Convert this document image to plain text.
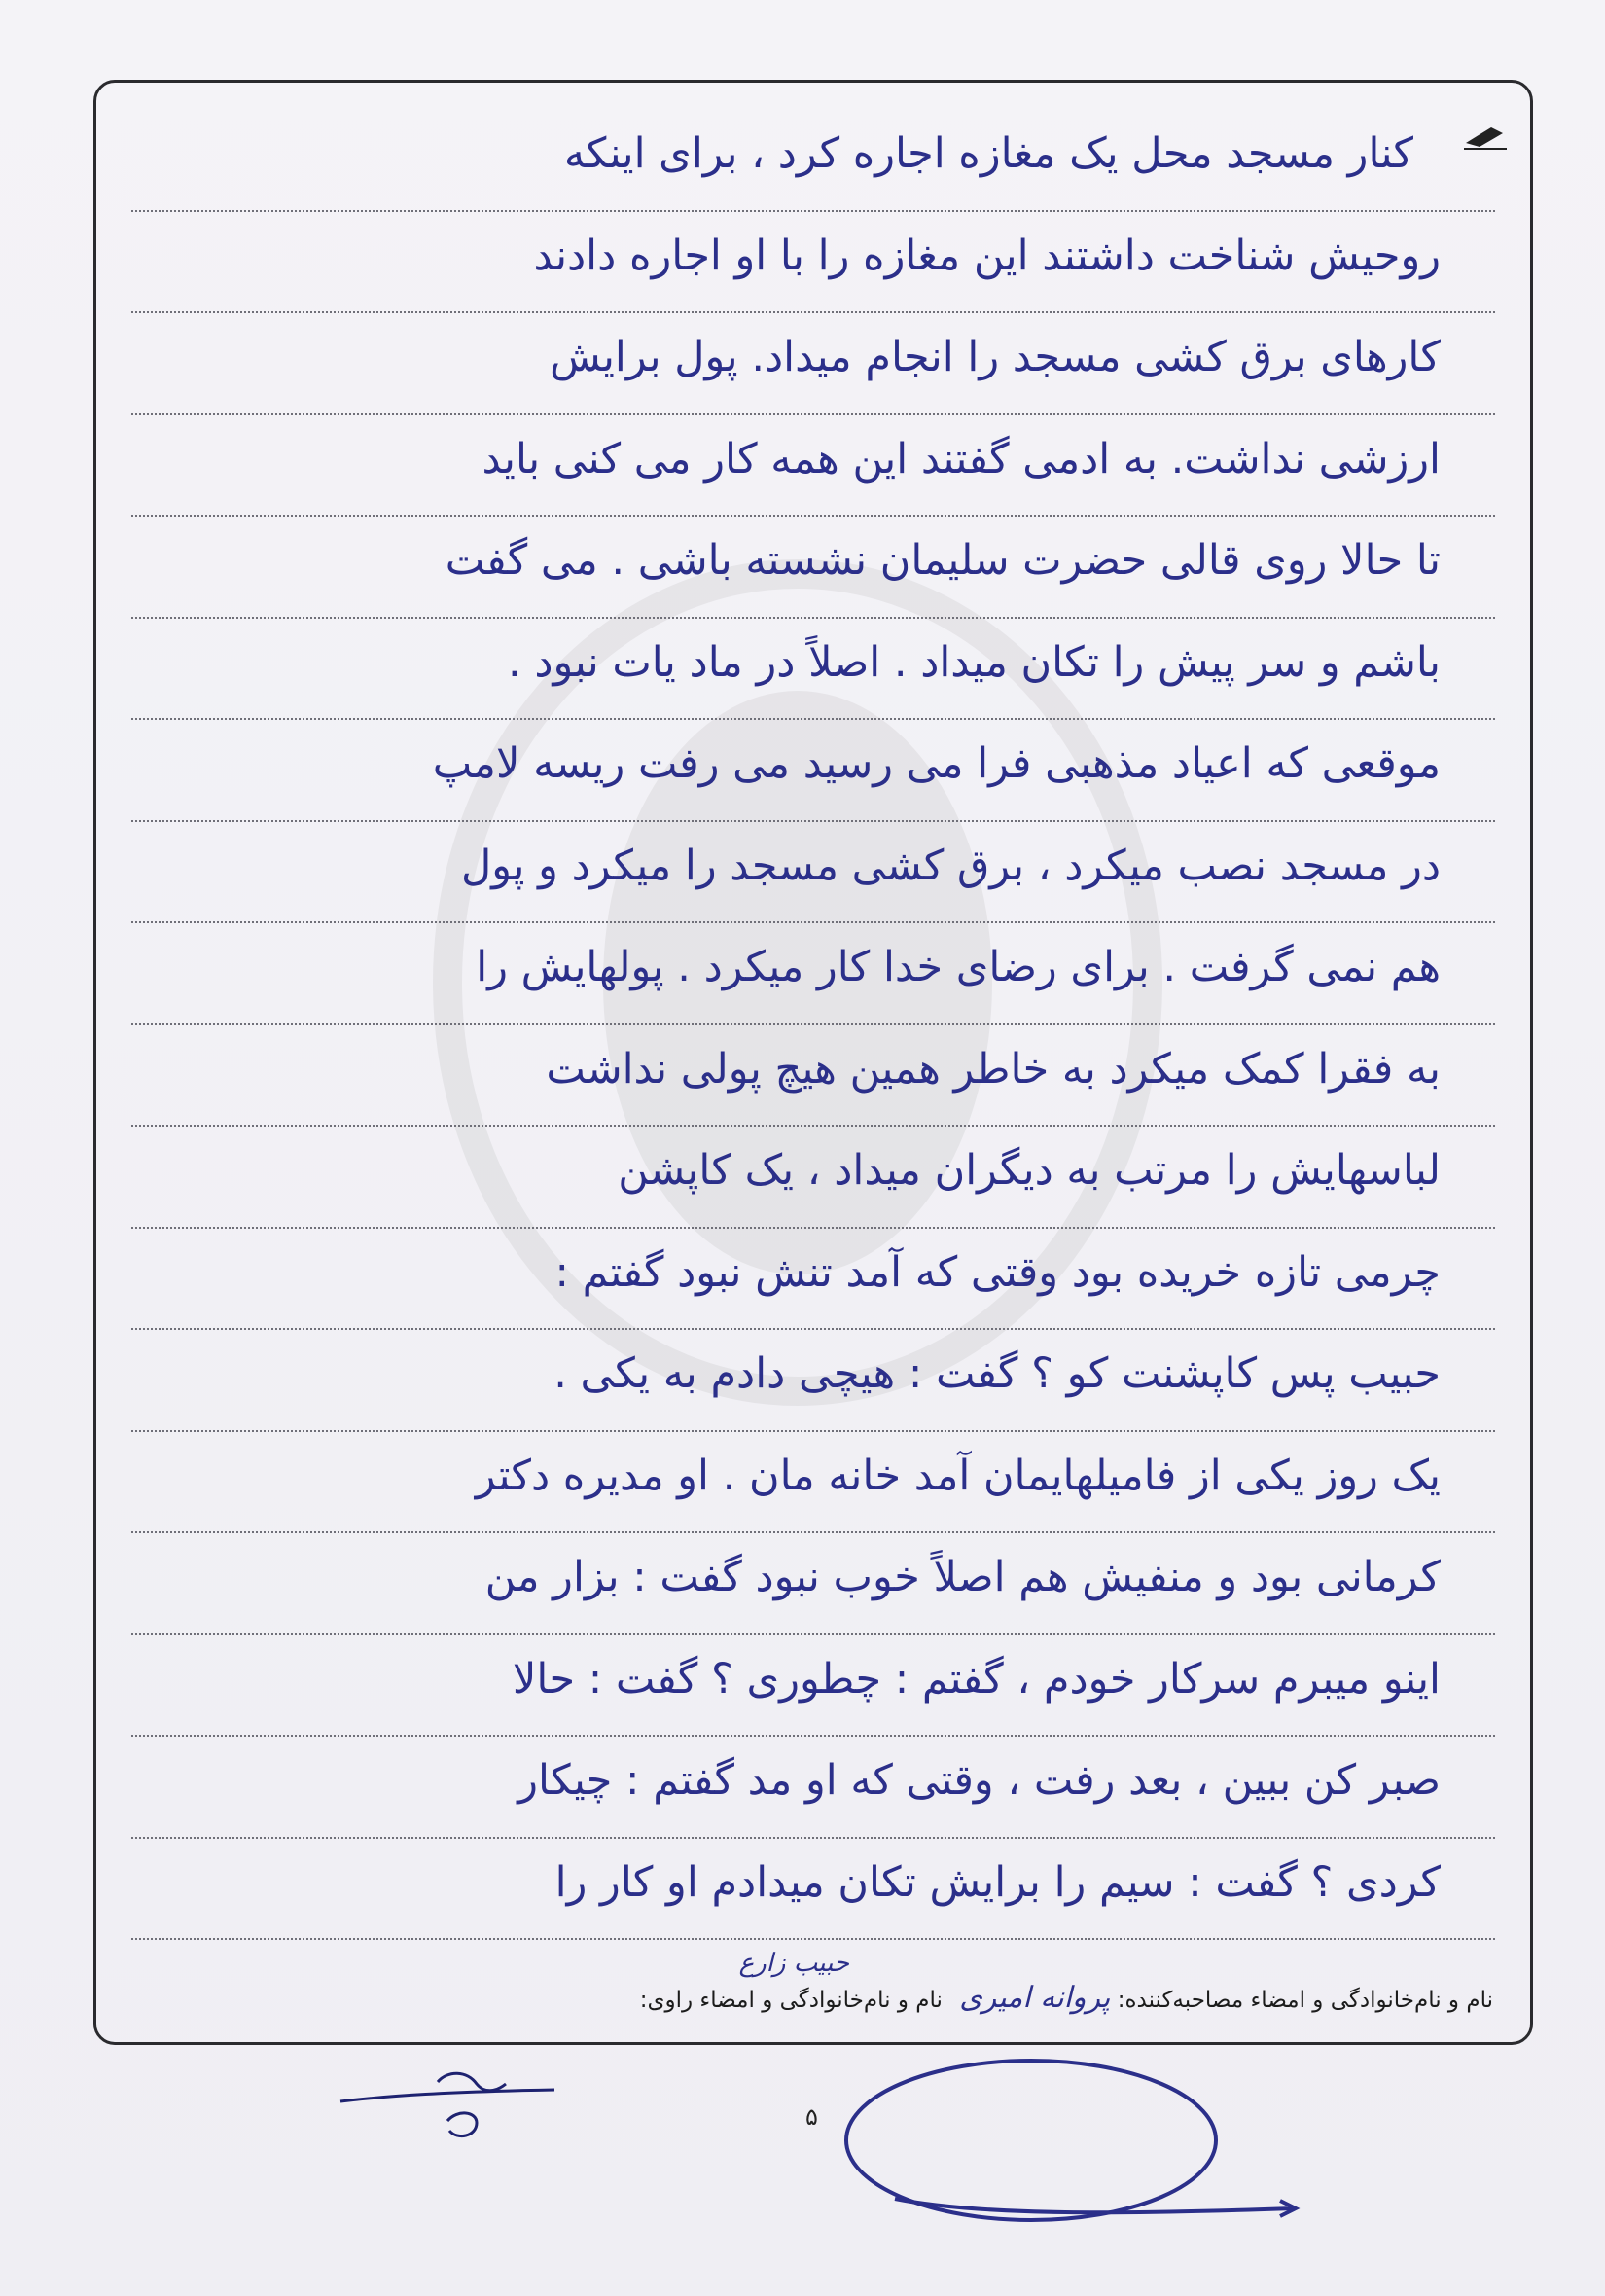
کنار مسجد محل یک مغازه اجاره کرد ، برای اینکه
روحیش شناخت داشتند این مغازه را با او اجاره دادند
کارهای برق کشی مسجد را انجام میداد. پول برایش
ارزشی نداشت. به ادمی گفتند این همه کار می کنی باید
تا حالا روی قالی حضرت سلیمان نشسته باشی . می گفت
باشم و سر پیش را تکان میداد . اصلاً در ماد یات نبود .
موقعی که اعیاد مذهبی فرا می رسید می رفت ریسه لامپ
در مسجد نصب میکرد ، برق کشی مسجد را میکرد و پول
هم نمی گرفت . برای رضای خدا کار میکرد . پولهایش را
به فقرا کمک میکرد به خاطر همین هیچ پولی نداشت
لباسهایش را مرتب به دیگران میداد ، یک کاپشن
چرمی تازه خریده بود وقتی که آمد تنش نبود گفتم :
حبیب پس کاپشنت کو ؟ گفت : هیچی دادم به یکی .
یک روز یکی از فامیلهایمان آمد خانه مان . او مدیره دکتر
کرمانی بود و منفیش هم اصلاً خوب نبود گفت : بزار من
اینو میبرم سرکار خودم ، گفتم : چطوری ؟ گفت : حالا
صبر کن ببین ، بعد رفت ، وقتی که او مد گفتم : چیکار
کردی ؟ گفت : سیم را برایش تکان میدادم او کار را
حبیب زارع
نام و نام‌خانوادگی و امضاء مصاحبه‌کننده: پروانه امیری نام و نام‌خانوادگی و امضاء راوی:
۵
